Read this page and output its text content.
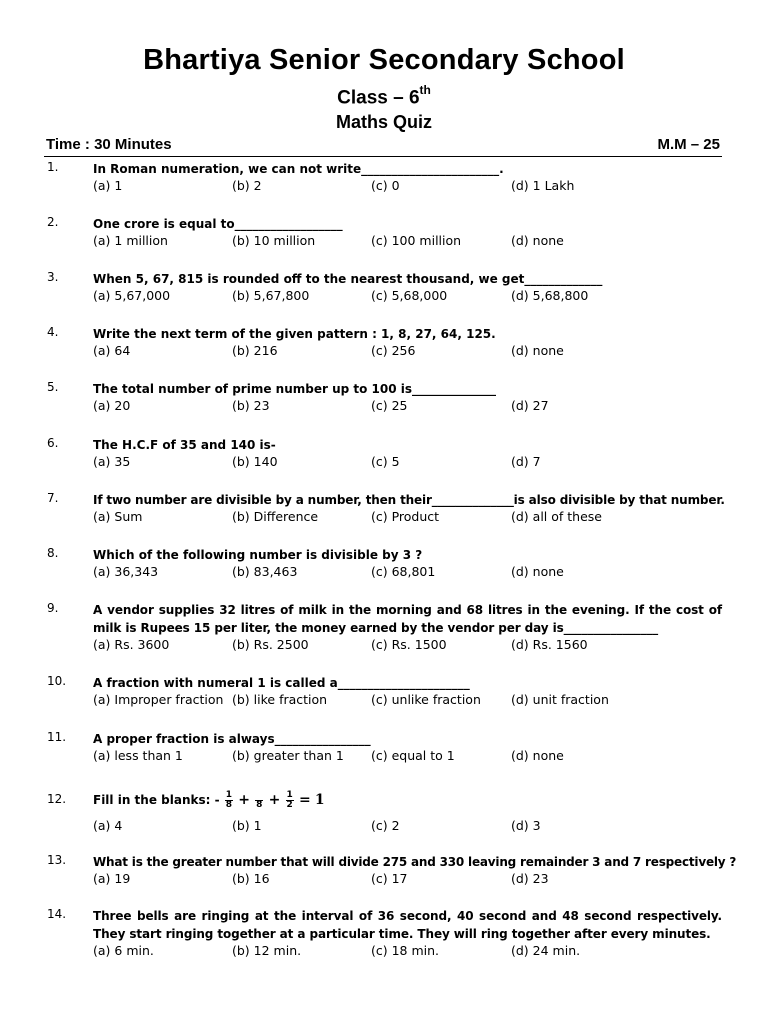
Bhartiya Senior Secondary School
Class – 6th
Maths Quiz
Time : 30 Minutes	M.M – 25
1.	In Roman numeration, we can not write_______________________.
(a) 1	(b) 2	(c) 0	(d) 1 Lakh
2.	One crore is equal to__________________
(a) 1 million	(b) 10 million	(c) 100 million	(d) none
3.	When 5, 67, 815 is rounded off to the nearest thousand, we get_____________
(a) 5,67,000	(b) 5,67,800	(c) 5,68,000	(d) 5,68,800
4.	Write the next term of the given pattern : 1, 8, 27, 64, 125.
(a) 64	(b) 216	(c) 256	(d) none
5.	The total number of prime number up to 100 is______________
(a) 20	(b) 23	(c) 25	(d) 27
6.	The H.C.F of 35 and 140 is-
(a) 35	(b) 140	(c) 5	(d) 7
7.	If two number are divisible by a number, then their______________is also divisible by that number.
(a) Sum	(b) Difference	(c) Product	(d) all of these
8.	Which of the following number is divisible by 3 ?
(a) 36,343	(b) 83,463	(c) 68,801	(d) none
9.	A vendor supplies 32 litres of milk in the morning and 68 litres in the evening. If the cost of milk is Rupees 15 per liter, the money earned by the vendor per day is________________
(a) Rs. 3600	(b) Rs. 2500	(c) Rs. 1500	(d) Rs. 1560
10. A fraction with numeral 1 is called a______________________
(a) Improper fraction (b) like fraction	(c) unlike fraction (d) unit fraction
11. A proper fraction is always________________
(a) less than 1	(b) greater than 1 (c) equal to 1	(d) none
12. Fill in the blanks: - $\frac{1}{8}$ +
$8 + \frac{1}{2} = 1$
(a) 4	(b) 1	(c) 2	(d) 3
13. What is the greater number that will divide 275 and 330 leaving remainder 3 and 7 respectively ?
(a) 19	(b) 16	(c) 17	(d) 23
14. Three bells are ringing at the interval of 36 second, 40 second and 48 second respectively. They start ringing together at a particular time. They will ring together after every minutes.
(a) 6 min.	(b) 12 min.	(c) 18 min.	(d) 24 min.
